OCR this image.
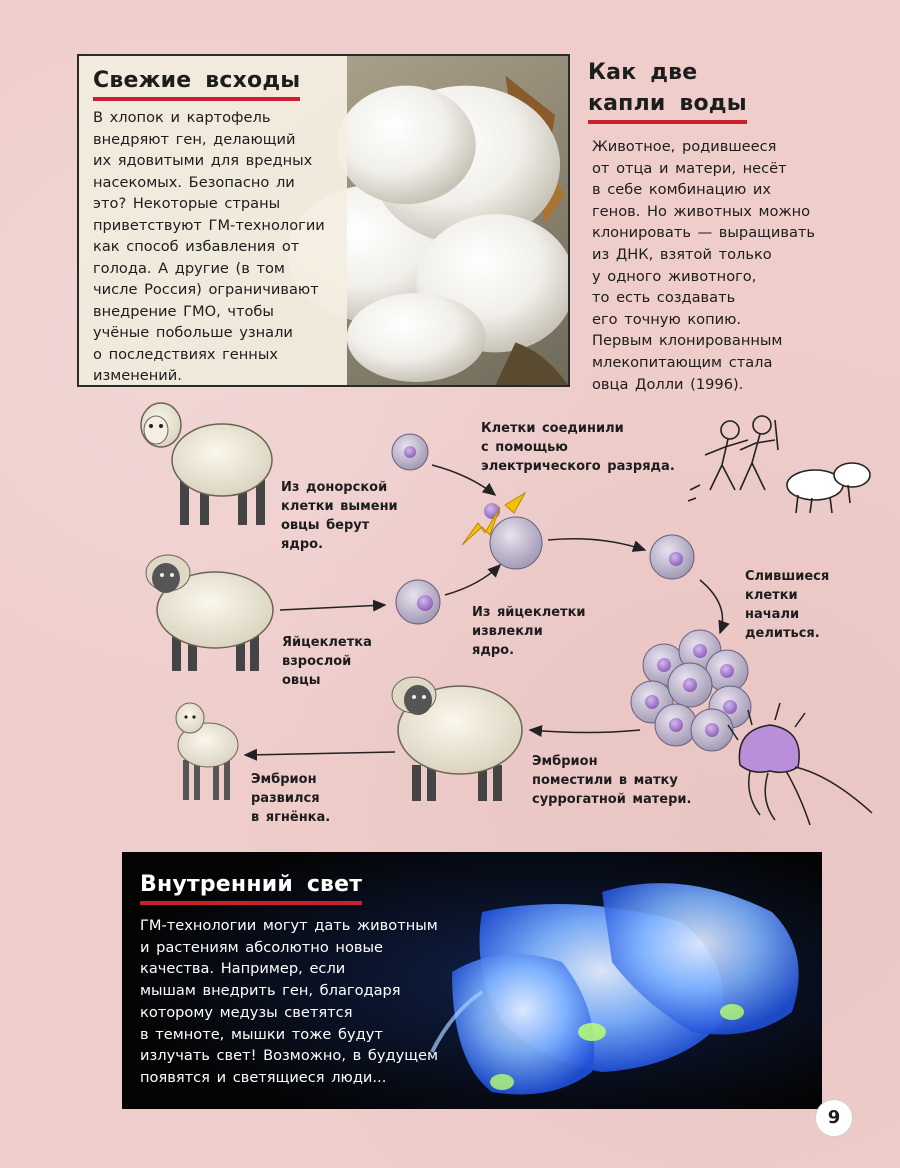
Свежие всходы

В хлопок и картофель
внедряют ген, делающий
их ядовитыми для вредных
насекомых. Безопасно ли
это? Некоторые страны
приветствуют ГМ-технологии
как способ избавления от
голода. А другие (в том
числе Россия) ограничивают
внедрение ГМО, чтобы
учёные побольше узнали
о последствиях генных
изменений.

Как две
капли воды

Животное, родившееся
от отца и матери, несёт
в себе комбинацию их
генов. Но животных можно
клонировать — выращивать
из ДНК, взятой только
у одного животного,
то есть создавать
его точную копию.
Первым клонированным
млекопитающим стала
овца Долли (1996).

Из донорской
клетки вымени
овцы берут
ядро.
Яйцеклетка
взрослой
овцы
Из яйцеклетки
извлекли
ядро.
Клетки соединили
с помощью
электрического разряда.
Слившиеся
клетки
начали
делиться.
Эмбрион
поместили в матку
суррогатной матери.
Эмбрион
развился
в ягнёнка.
Внутренний свет

ГМ-технологии могут дать животным
и растениям абсолютно новые
качества. Например, если
мышам внедрить ген, благодаря
которому медузы светятся
в темноте, мышки тоже будут
излучать свет! Возможно, в будущем
появятся и светящиеся люди...

9
